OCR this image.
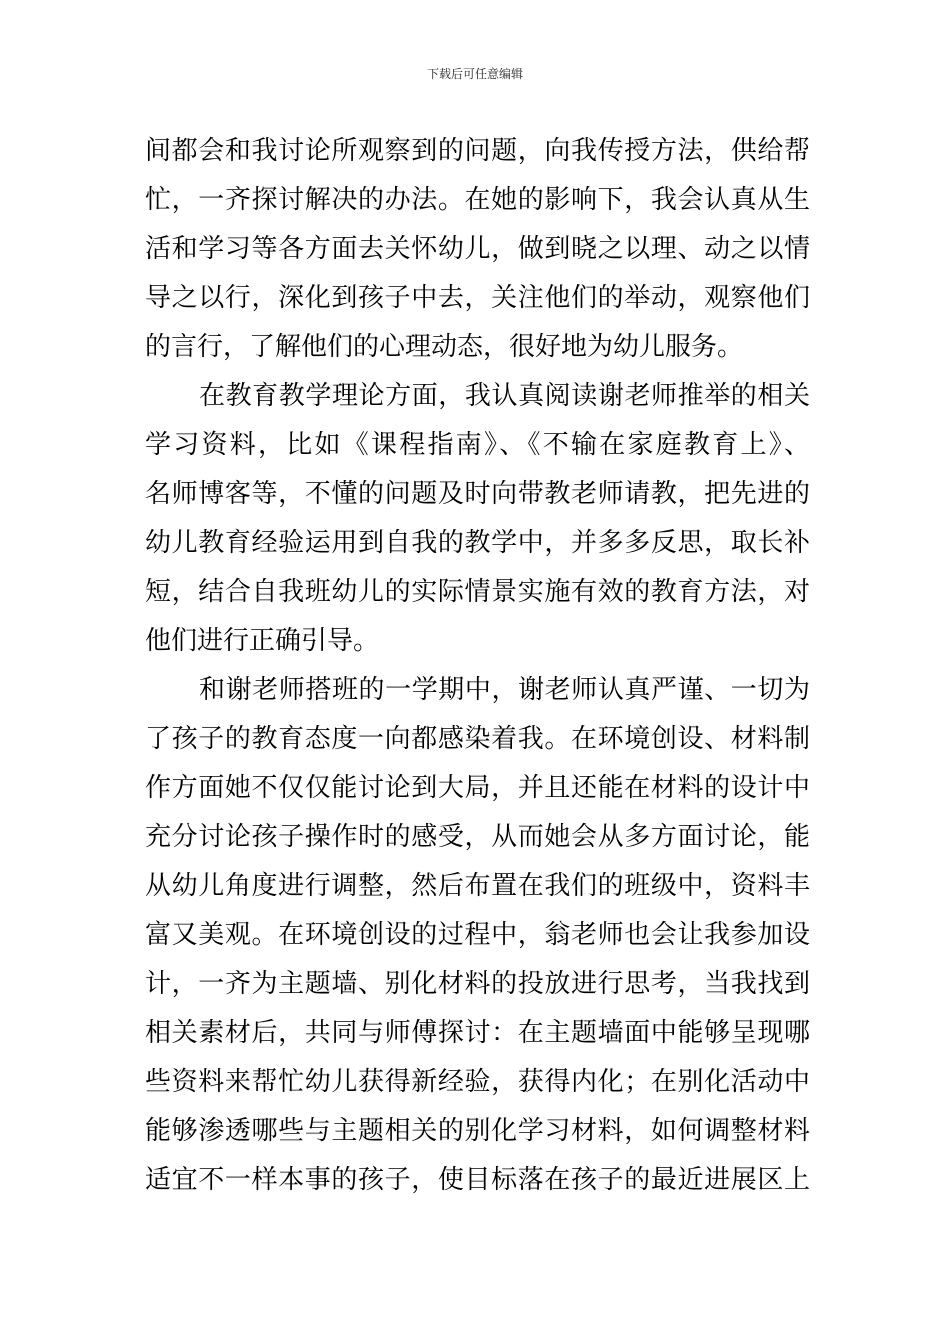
下载后可任意编辑
间都会和我讨论所观察到的问题，向我传授方法，供给帮
忙，一齐探讨解决的办法。在她的影响下，我会认真从生
活和学习等各方面去关怀幼儿，做到晓之以理、动之以情
导之以行，深化到孩子中去，关注他们的举动，观察他们
的言行，了解他们的心理动态，很好地为幼儿服务。
在教育教学理论方面，我认真阅读谢老师推举的相关
学习资料，比如《课程指南》、《不输在家庭教育上》、
名师博客等，不懂的问题及时向带教老师请教，把先进的
幼儿教育经验运用到自我的教学中，并多多反思，取长补
短，结合自我班幼儿的实际情景实施有效的教育方法，对
他们进行正确引导。
和谢老师搭班的一学期中，谢老师认真严谨、一切为
了孩子的教育态度一向都感染着我。在环境创设、材料制
作方面她不仅仅能讨论到大局，并且还能在材料的设计中
充分讨论孩子操作时的感受，从而她会从多方面讨论，能
从幼儿角度进行调整，然后布置在我们的班级中，资料丰
富又美观。在环境创设的过程中，翁老师也会让我参加设
计，一齐为主题墙、别化材料的投放进行思考，当我找到
相关素材后，共同与师傅探讨：在主题墙面中能够呈现哪
些资料来帮忙幼儿获得新经验，获得内化；在别化活动中
能够渗透哪些与主题相关的别化学习材料，如何调整材料
适宜不一样本事的孩子，使目标落在孩子的最近进展区上
